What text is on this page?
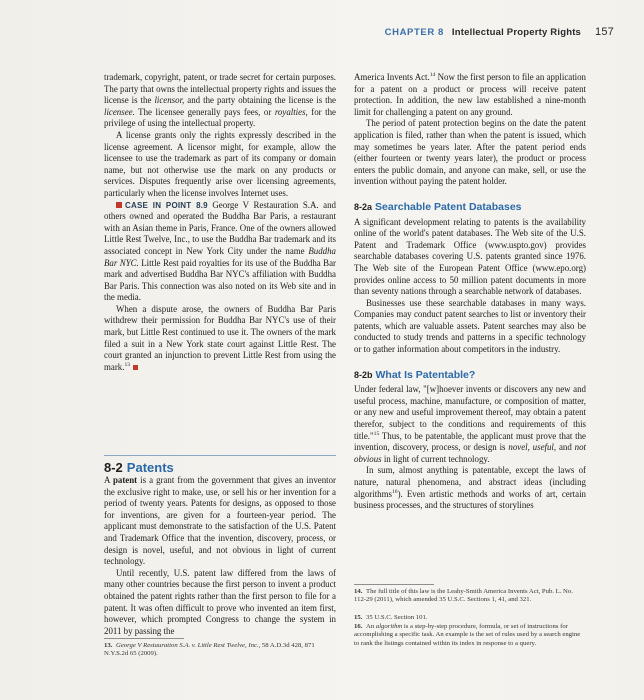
CHAPTER 8 Intellectual Property Rights 157

trademark, copyright, patent, or trade secret for certain purposes. The party that owns the intellectual property rights and issues the license is the licensor, and the party obtaining the license is the licensee. The licensee generally pays fees, or royalties, for the privilege of using the intellectual property.

A license grants only the rights expressly described in the license agreement. A licensor might, for example, allow the licensee to use the trademark as part of its company or domain name, but not otherwise use the mark on any products or services. Disputes frequently arise over licensing agreements, particularly when the license involves Internet uses.

CASE IN POINT 8.9 George V Restauration S.A. and others owned and operated the Buddha Bar Paris, a restaurant with an Asian theme in Paris, France. One of the owners allowed Little Rest Twelve, Inc., to use the Buddha Bar trademark and its associated concept in New York City under the name Buddha Bar NYC. Little Rest paid royalties for its use of the Buddha Bar mark and advertised Buddha Bar NYC's affiliation with Buddha Bar Paris. This connection was also noted on its Web site and in the media.

When a dispute arose, the owners of Buddha Bar Paris withdrew their permission for Buddha Bar NYC's use of their mark, but Little Rest continued to use it. The owners of the mark filed a suit in a New York state court against Little Rest. The court granted an injunction to prevent Little Rest from using the mark.$^{13}$

8-2 Patents

A patent is a grant from the government that gives an inventor the exclusive right to make, use, or sell his or her invention for a period of twenty years. Patents for designs, as opposed to those for inventions, are given for a fourteen-year period. The applicant must demonstrate to the satisfaction of the U.S. Patent and Trademark Office that the invention, discovery, process, or design is novel, useful, and not obvious in light of current technology.

Until recently, U.S. patent law differed from the laws of many other countries because the first person to invent a product obtained the patent rights rather than the first person to file for a patent. It was often difficult to prove who invented an item first, however, which prompted Congress to change the system in 2011 by passing the

America Invents Act.$^{14}$ Now the first person to file an application for a patent on a product or process will receive patent protection. In addition, the new law established a nine-month limit for challenging a patent on any ground.

The period of patent protection begins on the date the patent application is filed, rather than when the patent is issued, which may sometimes be years later. After the patent period ends (either fourteen or twenty years later), the product or process enters the public domain, and anyone can make, sell, or use the invention without paying the patent holder.

8-2a Searchable Patent Databases

A significant development relating to patents is the availability online of the world's patent databases. The Web site of the U.S. Patent and Trademark Office (www.uspto.gov) provides searchable databases covering U.S. patents granted since 1976. The Web site of the European Patent Office (www.epo.org) provides online access to 50 million patent documents in more than seventy nations through a searchable network of databases.

Businesses use these searchable databases in many ways. Companies may conduct patent searches to list or inventory their patents, which are valuable assets. Patent searches may also be conducted to study trends and patterns in a specific technology or to gather information about competitors in the industry.

8-2b What Is Patentable?

Under federal law, "[w]hoever invents or discovers any new and useful process, machine, manufacture, or composition of matter, or any new and useful improvement thereof, may obtain a patent therefor, subject to the conditions and requirements of this title."$^{15}$ Thus, to be patentable, the applicant must prove that the invention, discovery, process, or design is novel, useful, and not obvious in light of current technology.

In sum, almost anything is patentable, except the laws of nature, natural phenomena, and abstract ideas (including algorithms$^{16}$). Even artistic methods and works of art, certain business processes, and the structures of storylines

13. George V Restauration S.A. v. Little Rest Twelve, Inc., 58 A.D.3d 428, 871 N.Y.S.2d 65 (2009).
14. The full title of this law is the Leahy-Smith America Invents Act, Pub. L. No. 112-29 (2011), which amended 35 U.S.C. Sections 1, 41, and 321.
15. 35 U.S.C. Section 101.
16. An algorithm is a step-by-step procedure, formula, or set of instructions for accomplishing a specific task. An example is the set of rules used by a search engine to rank the listings contained within its index in response to a query.
